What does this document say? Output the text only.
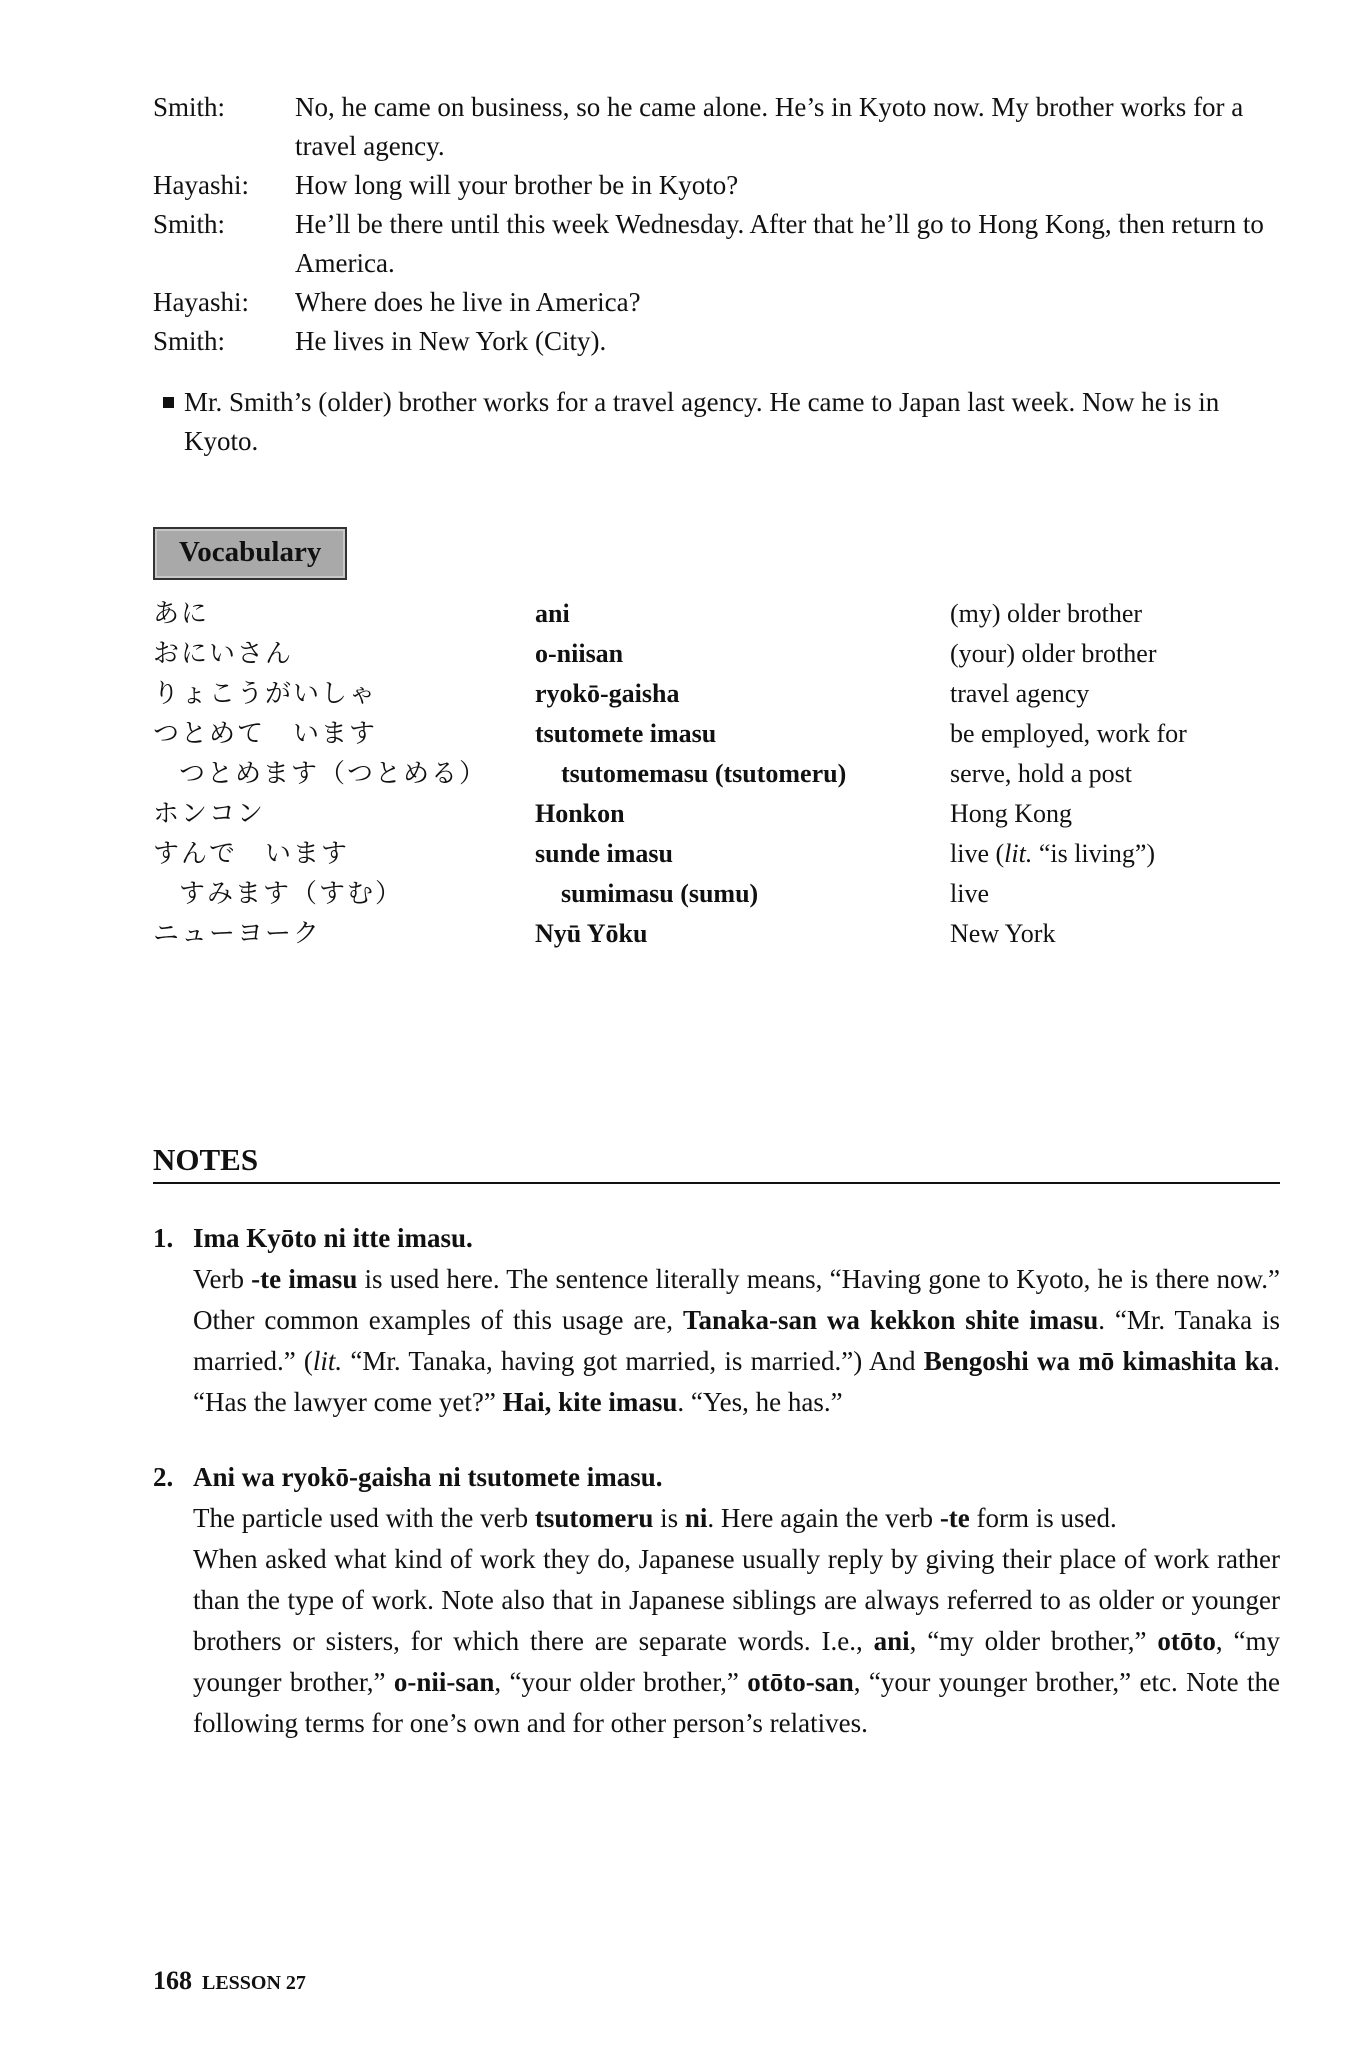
Smith:	No, he came on business, so he came alone. He’s in Kyoto now. My brother works for a travel agency.
Hayashi:	How long will your brother be in Kyoto?
Smith:	He’ll be there until this week Wednesday. After that he’ll go to Hong Kong, then return to America.
Hayashi:	Where does he live in America?
Smith:	He lives in New York (City).
Mr. Smith’s (older) brother works for a travel agency. He came to Japan last week. Now he is in Kyoto.
Vocabulary
あに	ani	(my) older brother
おにいさん	o-niisan	(your) older brother
りょこうがいしゃ	ryokō-gaisha	travel agency
つとめて　います	tsutomete imasu	be employed, work for
つとめます（つとめる）	tsutomemasu (tsutomeru)	serve, hold a post
ホンコン	Honkon	Hong Kong
すんで　います	sunde imasu	live (lit. “is living”)
すみます（すむ）	sumimasu (sumu)	live
ニューヨーク	Nyū Yōku	New York
NOTES
1. Ima Kyōto ni itte imasu.

Verb -te imasu is used here. The sentence literally means, “Having gone to Kyoto, he is there now.” Other common examples of this usage are, Tanaka-san wa kekkon shite imasu. “Mr. Tanaka is married.” (lit. “Mr. Tanaka, having got married, is married.”) And Bengoshi wa mō kimashita ka. “Has the lawyer come yet?” Hai, kite imasu. “Yes, he has.”

2. Ani wa ryokō-gaisha ni tsutomete imasu.

The particle used with the verb tsutomeru is ni. Here again the verb -te form is used.

When asked what kind of work they do, Japanese usually reply by giving their place of work rather than the type of work. Note also that in Japanese siblings are always referred to as older or younger brothers or sisters, for which there are separate words. I.e., ani, “my older brother,” otōto, “my younger brother,” o-nii-san, “your older brother,” otōto-san, “your younger brother,” etc. Note the following terms for one’s own and for other person’s relatives.

168 LESSON 27
